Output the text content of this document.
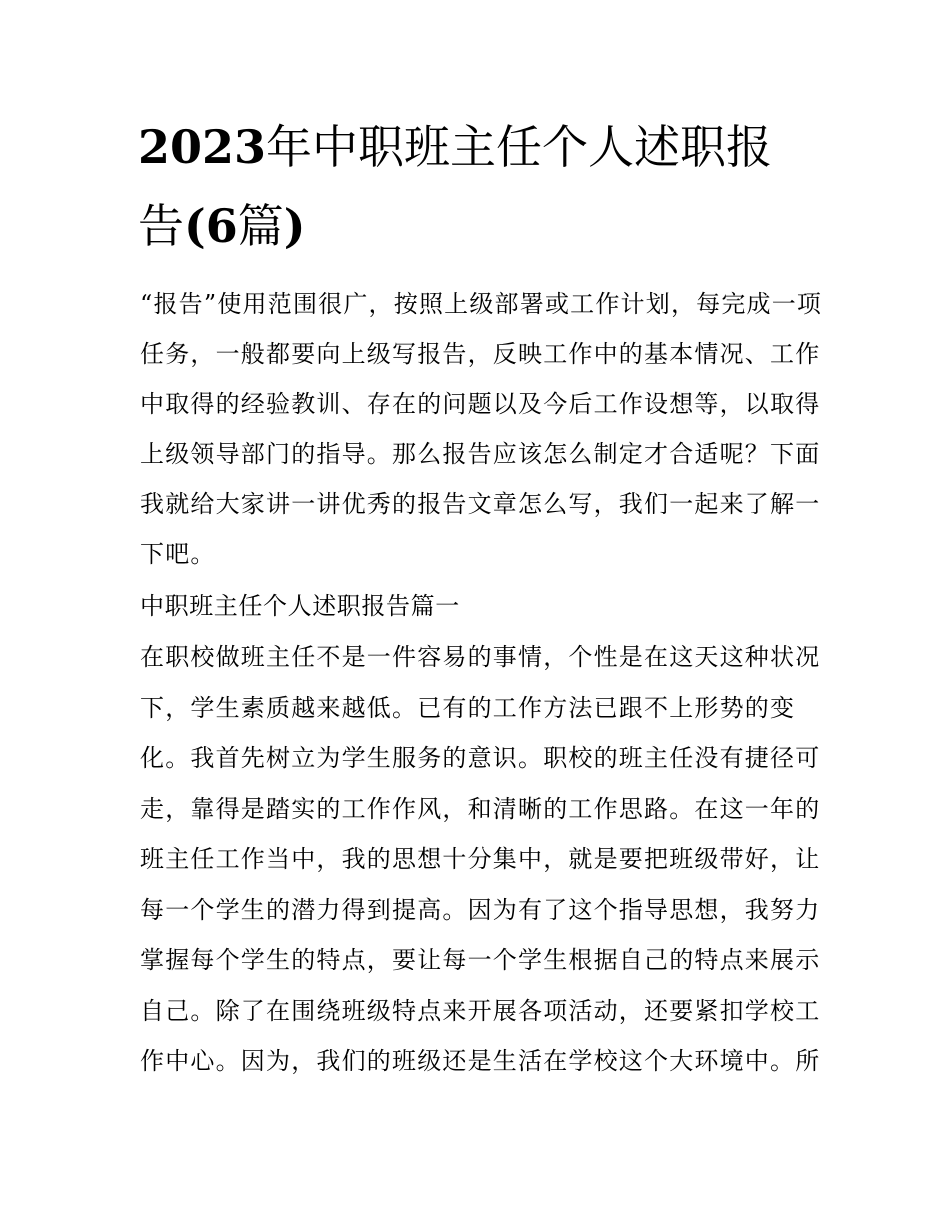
2023年中职班主任个人述职报
告(6篇)
“报告”使用范围很广，按照上级部署或工作计划，每完成一项
任务，一般都要向上级写报告，反映工作中的基本情况、工作
中取得的经验教训、存在的问题以及今后工作设想等，以取得
上级领导部门的指导。那么报告应该怎么制定才合适呢？下面
我就给大家讲一讲优秀的报告文章怎么写，我们一起来了解一
下吧。
中职班主任个人述职报告篇一
在职校做班主任不是一件容易的事情，个性是在这天这种状况
下，学生素质越来越低。已有的工作方法已跟不上形势的变
化。我首先树立为学生服务的意识。职校的班主任没有捷径可
走，靠得是踏实的工作作风，和清晰的工作思路。在这一年的
班主任工作当中，我的思想十分集中，就是要把班级带好，让
每一个学生的潜力得到提高。因为有了这个指导思想，我努力
掌握每个学生的特点，要让每一个学生根据自己的特点来展示
自己。除了在围绕班级特点来开展各项活动，还要紧扣学校工
作中心。因为，我们的班级还是生活在学校这个大环境中。所
